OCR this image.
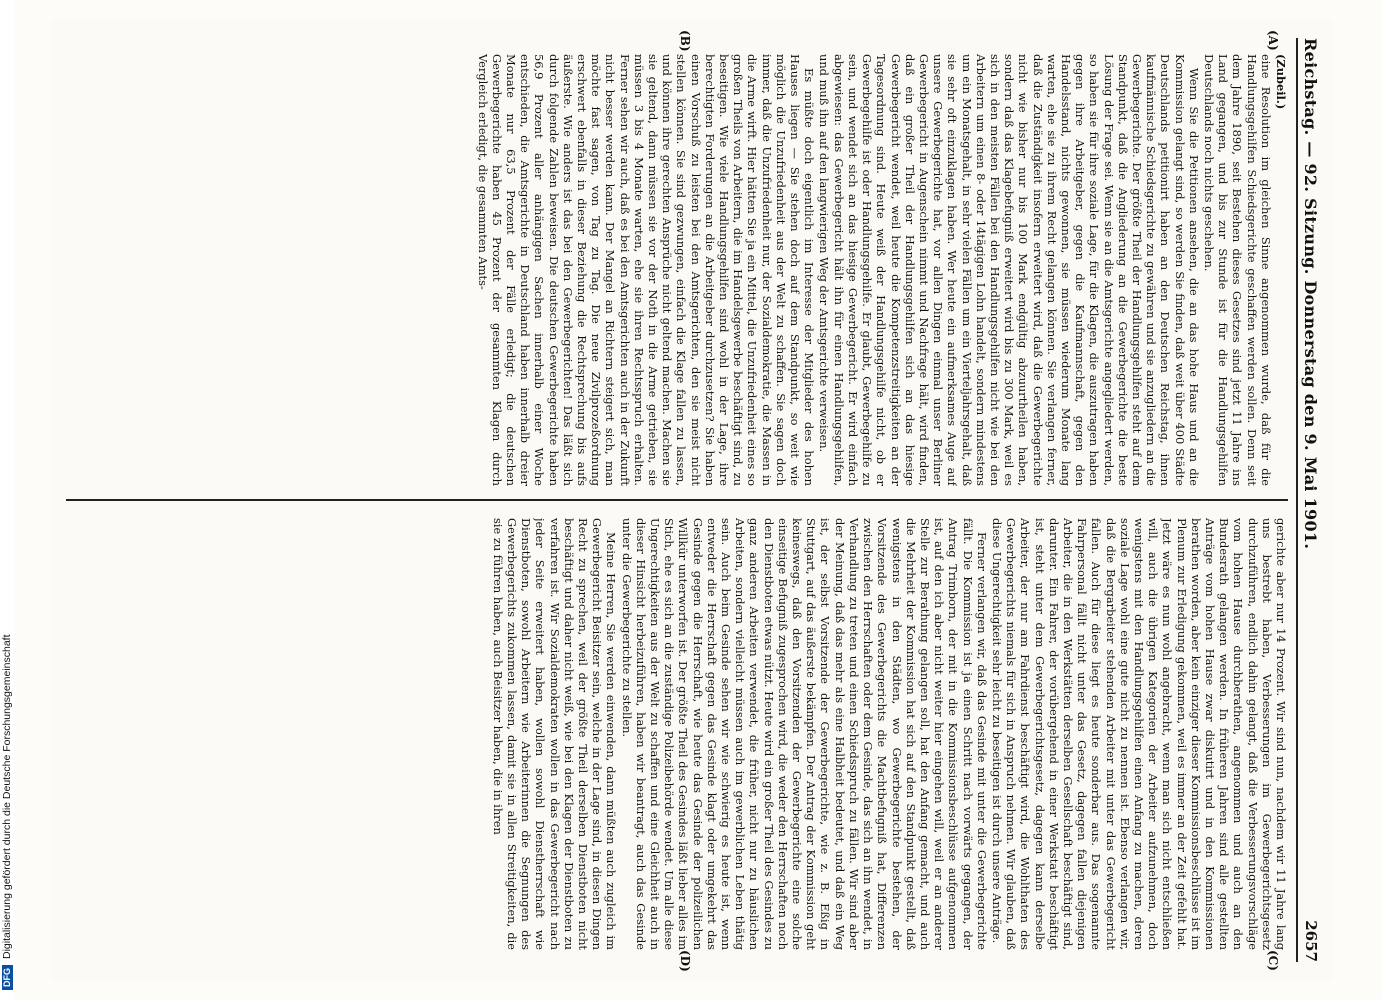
Reichstag. — 92. Sitzung. Donnerstag den 9. Mai 1901.
2657
(A)
(B)
(C)
(D)

(Zubeil.)

eine Resolution im gleichen Sinne angenommen wurde, daß für die Handlungsgehilfen Schiedsgerichte geschaffen werden sollen. Denn seit dem Jahre 1890, seit Bestehen dieses Gesetzes sind jetzt 11 Jahre ins Land gegangen, und bis zur Stunde ist für die Handlungsgehilfen Deutschlands noch nichts geschehen.

Wenn Sie die Petitionen ansehen, die an das hohe Haus und an die Kommission gelangt sind, so werden Sie finden, daß weit über 400 Städte Deutschlands petitionirt haben an den Deutschen Reichstag, ihnen kaufmännische Schiedsgerichte zu gewähren und sie anzugliedern an die Gewerbegerichte. Der größte Theil der Handlungsgehilfen steht auf dem Standpunkt, daß die Angliederung an die Gewerbegerichte die beste Lösung der Frage sei. Wenn sie an die Amtsgerichte angegliedert werden, so haben sie für ihre soziale Lage, für die Klagen, die auszutragen haben gegen ihre Arbeitgeber, gegen die Kaufmannschaft, gegen den Handelsstand, nichts gewonnen, sie müssen wiederum Monate lang warten, ehe sie zu ihrem Recht gelangen können. Sie verlangen ferner, daß die Zuständigkeit insofern erweitert wird, daß die Gewerbegerichte nicht wie bisher nur bis 100 Mark endgültig abzuurtheilen haben, sondern daß das Klagebefugniß erweitert wird bis zu 300 Mark, weil es sich in den meisten Fällen bei den Handlungsgehilfen nicht wie bei den Arbeitern um einen 8- oder 14tägigen Lohn handelt, sondern mindestens um ein Monatsgehalt, in sehr vielen Fällen um ein Vierteljahrsgehalt, daß sie sehr oft einzuklagen haben. Wer heute ein aufmerksames Auge auf unsere Gewerbegerichte hat, vor allen Dingen einmal unser Berliner Gewerbegericht in Augenschein nimmt und Nachfrage hält, wird finden, daß ein großer Theil der Handlungsgehilfen sich an das hiesige Gewerbegericht wendet, weil heute die Kompetenzstreitigkeiten an der Tagesordnung sind. Heute weiß der Handlungsgehilfe nicht, ob er Gewerbegehilfe ist oder Handlungsgehilfe. Er glaubt, Gewerbegehilfe zu sein, und wendet sich an das hiesige Gewerbegericht. Er wird einfach abgewiesen: das Gewerbegericht hält ihn für einen Handlungsgehilfen, und muß ihn auf den langwierigen Weg der Amtsgerichte verweisen.

Es müßte doch eigentlich im Interesse der Mitglieder des hohen Hauses liegen — Sie stehen doch auf dem Standpunkt, so weit wie möglich die Unzufriedenheit aus der Welt zu schaffen. Sie sagen doch immer, daß die Unzufriedenheit nur, der Sozialdemokratie, die Massen in die Arme wirft. Hier hätten Sie ja ein Mittel, die Unzufriedenheit eines so großen Theils von Arbeitern, die im Handelsgewerbe beschäftigt sind, zu beseitigen. Wie viele Handlungsgehilfen sind wohl in der Lage, ihre berechtigten Forderungen an die Arbeitgeber durchzusetzen? Sie haben einen Vorschuß zu leisten bei den Amtsgerichten, den sie meist nicht stellen können. Sie sind gezwungen, einfach die Klage fallen zu lassen, und können ihre gerechten Ansprüche nicht geltend machen. Machen sie sie geltend, dann müssen sie vor der Noth in die Arme getrieben, sie müssen 3 bis 4 Monate warten, ehe sie ihren Rechtsspruch erhalten. Ferner sehen wir auch, daß es bei den Amtsgerichten auch in der Zukunft nicht besser werden kann. Der Mangel an Richtern steigert sich, man möchte fast sagen, von Tag zu Tag. Die neue Zivilprozeßordnung erschwert ebenfalls in dieser Beziehung die Rechtsprechung bis aufs äußerste. Wie anders ist das bei den Gewerbegerichten! Das läßt sich durch folgende Zahlen beweisen. Die deutschen Gewerbegerichte haben 56,9 Prozent aller anhängigen Sachen innerhalb einer Woche entschieden, die Amtsgerichte in Deutschland haben innerhalb dreier Monate nur 63,5 Prozent der Fälle erledigt; die deutschen Gewerbegerichte haben 45 Prozent der gesammten Klagen durch Vergleich erledigt, die gesammten Amts-

gerichte aber nur 14 Prozent. Wir sind nun, nachdem wir 11 Jahre lang uns bestrebt haben, Verbesserungen im Gewerbegerichtsgesetz durchzuführen, endlich dahin gelangt, daß die Verbesserungsvorschläge vom hohen Hause durchberathen, angenommen und auch an den Bundesrath gelangen werden. In früheren Jahren sind alle gestellten Anträge vom hohen Hause zwar diskutirt und in den Kommissionen berathen worden, aber kein einziger dieser Kommissionsbeschlüsse ist im Plenum zur Erledigung gekommen, weil es immer an der Zeit gefehlt hat. Jetzt wäre es nun wohl angebracht, wenn man sich nicht entschließen will, auch die übrigen Kategorien der Arbeiter aufzunehmen, doch wenigstens mit den Handlungsgehilfen einen Anfang zu machen, deren soziale Lage wohl eine gute nicht zu nennen ist. Ebenso verlangen wir, daß die Bergarbeiter stehenden Arbeiter mit unter das Gewerbegericht fallen. Auch für diese liegt es heute sonderbar aus. Das sogenannte Fahrpersonal fällt nicht unter das Gesetz, dagegen fallen diejenigen Arbeiter, die in den Werkstätten derselben Gesellschaft beschäftigt sind, darunter. Ein Fahrer, der vorübergehend in einer Werkstatt beschäftigt ist, steht unter dem Gewerbegerichtsgesetz, dagegen kann derselbe Arbeiter, der nur am Fahrdienst beschäftigt wird, die Wohlthaten des Gewerbegerichts niemals für sich in Anspruch nehmen. Wir glauben, daß diese Ungerechtigkeit sehr leicht zu beseitigen ist durch unsere Anträge.

Ferner verlangen wir, daß das Gesinde mit unter die Gewerbegerichte fällt. Die Kommission ist ja einen Schritt nach vorwärts gegangen, der Antrag Trimborn, der mit in die Kommissionsbeschlüsse aufgenommen ist, auf den ich aber nicht weiter hier eingehen will, weil er an anderer Stelle zur Berathung gelangen soll, hat den Anfang gemacht, und auch die Mehrheit der Kommission hat sich auf den Standpunkt gestellt, daß wenigstens in den Städten, wo Gewerbegerichte bestehen, der Vorsitzende des Gewerbegerichts die Machtbefugniß hat, Differenzen zwischen den Herrschaften oder dem Gesinde, das sich an ihn wendet, in Verhandlung zu treten und einen Schiedsspruch zu fällen. Wir sind aber der Meinung, daß das mehr als eine Halbheit bedeutet, und daß ein Weg ist, der selbst Vorsitzende der Gewerbegerichte, wie z. B. Eßig in Stuttgart, auf das äußerste bekämpfen. Der Antrag der Kommission geht keineswegs, daß den Vorsitzenden der Gewerbegerichte eine solche einseitige Befugniß zugesprochen wird, die weder den Herrschaften noch den Dienstboten etwas nützt. Heute wird ein großer Theil des Gesindes zu ganz anderen Arbeiten verwendet, die früher, nicht nur zu häuslichen Arbeiten, sondern vielleicht müssen auch im gewerblichen Leben thätig sein. Auch beim Gesinde sehen wir wie schwierig es heute ist, wenn entweder die Herrschaft gegen das Gesinde klagt oder umgekehrt das Gesinde gegen die Herrschaft, wie heute das Gesinde der polizeilichen Willkür unterworfen ist. Der größte Theil des Gesindes läßt lieber alles im Stich, ehe es sich an die zuständige Polizeibehörde wendet. Um alle diese Ungerechtigkeiten aus der Welt zu schaffen und eine Gleichheit auch in dieser Hinsicht herbeizuführen, haben wir beantragt, auch das Gesinde unter die Gewerbegerichte zu stellen.

Meine Herren, Sie werden einwenden, dann müßten auch zugleich im Gewerbegericht Beisitzer sein, welche in der Lage sind, in diesen Dingen Recht zu sprechen, weil der größte Theil derselben Dienstboten nicht beschäftigt und daher nicht weiß, wie bei den Klagen der Dienstboten zu verfahren ist. Wir Sozialdemokraten wollen in das Gewerbegericht nach jeder Seite erweitert haben, wollen sowohl Dienstherrschaft wie Dienstboten, sowohl Arbeitern wie Arbeiterinnen die Segnungen des Gewerbegerichts zukommen lassen, damit sie in allen Streitigkeiten, die sie zu führen haben, auch Beisitzer haben, die in ihren

DFG
Digitalisierung gefördert durch die Deutsche Forschungsgemeinschaft
